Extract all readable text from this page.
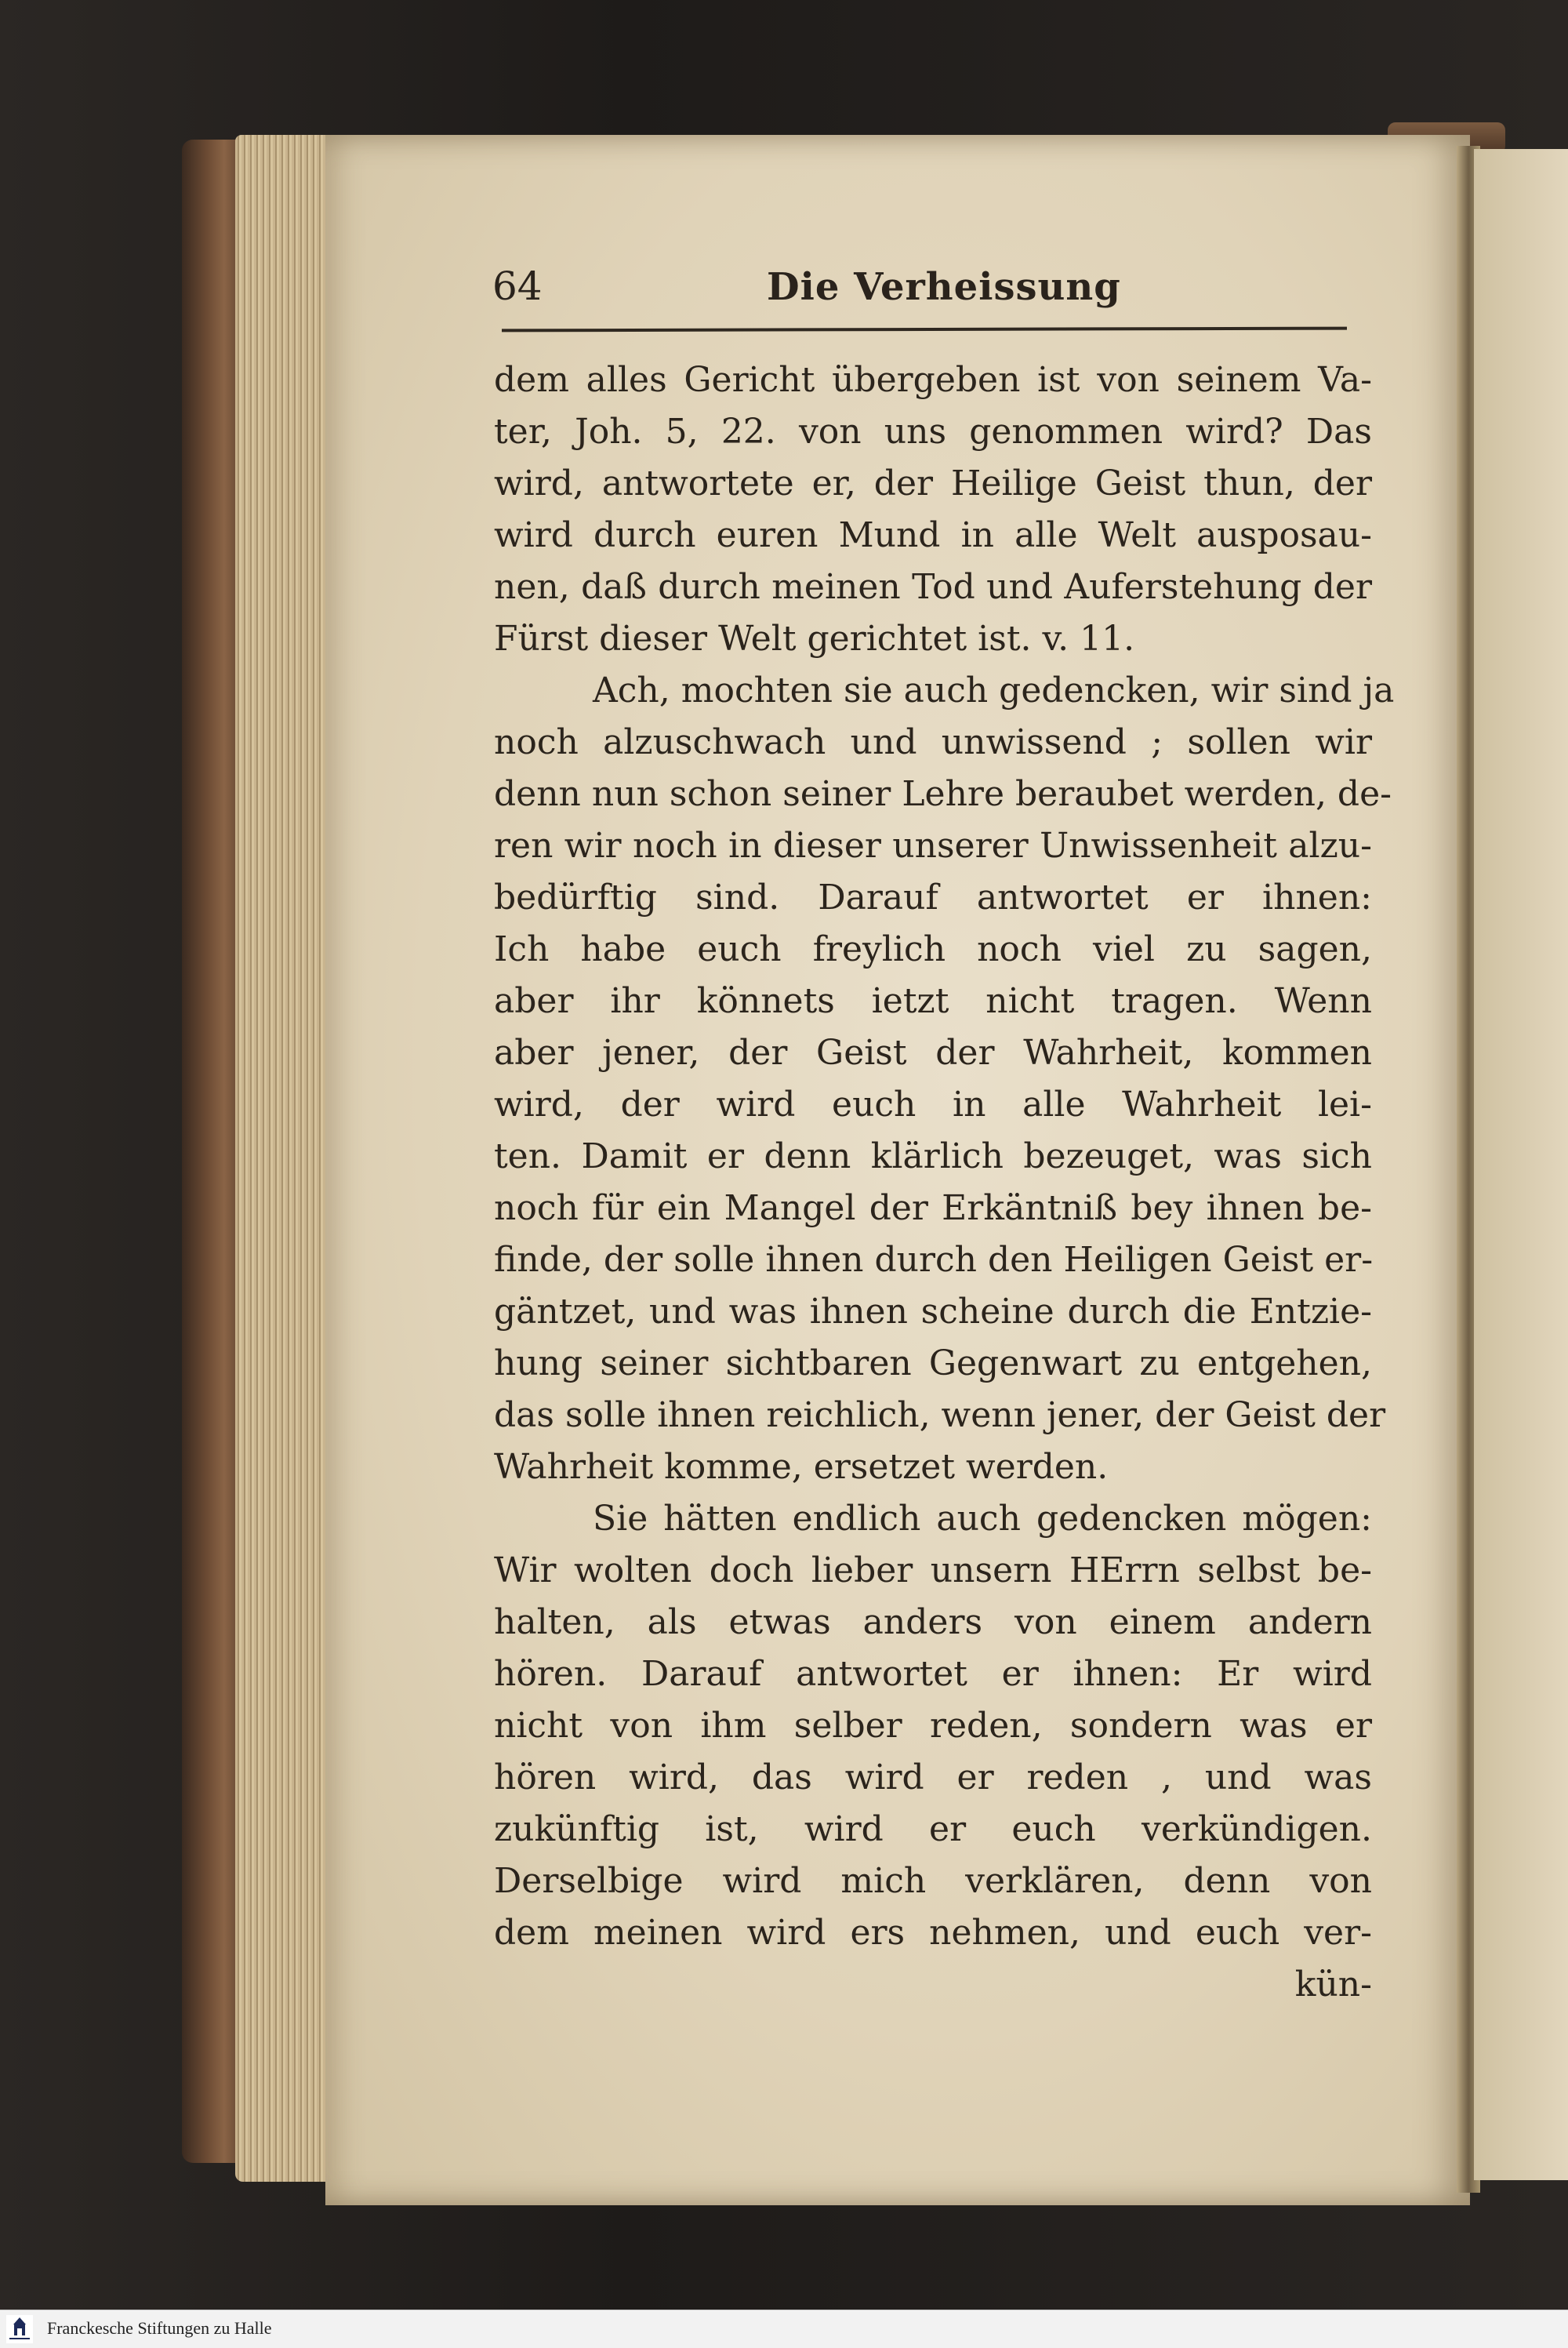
64	Die Verheissung
dem alles Gericht übergeben ist von seinem Va-
ter, Joh. 5, 22. von uns genommen wird? Das
wird, antwortete er, der Heilige Geist thun, der
wird durch euren Mund in alle Welt ausposau-
nen, daß durch meinen Tod und Auferstehung der
Fürst dieser Welt gerichtet ist. v. 11.
Ach, mochten sie auch gedencken, wir sind ja
noch alzuschwach und unwissend ; sollen wir
denn nun schon seiner Lehre beraubet werden, de-
ren wir noch in dieser unserer Unwissenheit alzu-
bedürftig sind. Darauf antwortet er ihnen:
Ich habe euch freylich noch viel zu sagen,
aber ihr könnets ietzt nicht tragen. Wenn
aber jener, der Geist der Wahrheit, kommen
wird, der wird euch in alle Wahrheit lei-
ten. Damit er denn klärlich bezeuget, was sich
noch für ein Mangel der Erkäntniß bey ihnen be-
finde, der solle ihnen durch den Heiligen Geist er-
gäntzet, und was ihnen scheine durch die Entzie-
hung seiner sichtbaren Gegenwart zu entgehen,
das solle ihnen reichlich, wenn jener, der Geist der
Wahrheit komme, ersetzet werden.
Sie hätten endlich auch gedencken mögen:
Wir wolten doch lieber unsern HErrn selbst be-
halten, als etwas anders von einem andern
hören. Darauf antwortet er ihnen: Er wird
nicht von ihm selber reden, sondern was er
hören wird, das wird er reden , und was
zukünftig ist, wird er euch verkündigen.
Derselbige wird mich verklären, denn von
dem meinen wird ers nehmen, und euch ver-
kün-
Franckesche Stiftungen zu Halle
